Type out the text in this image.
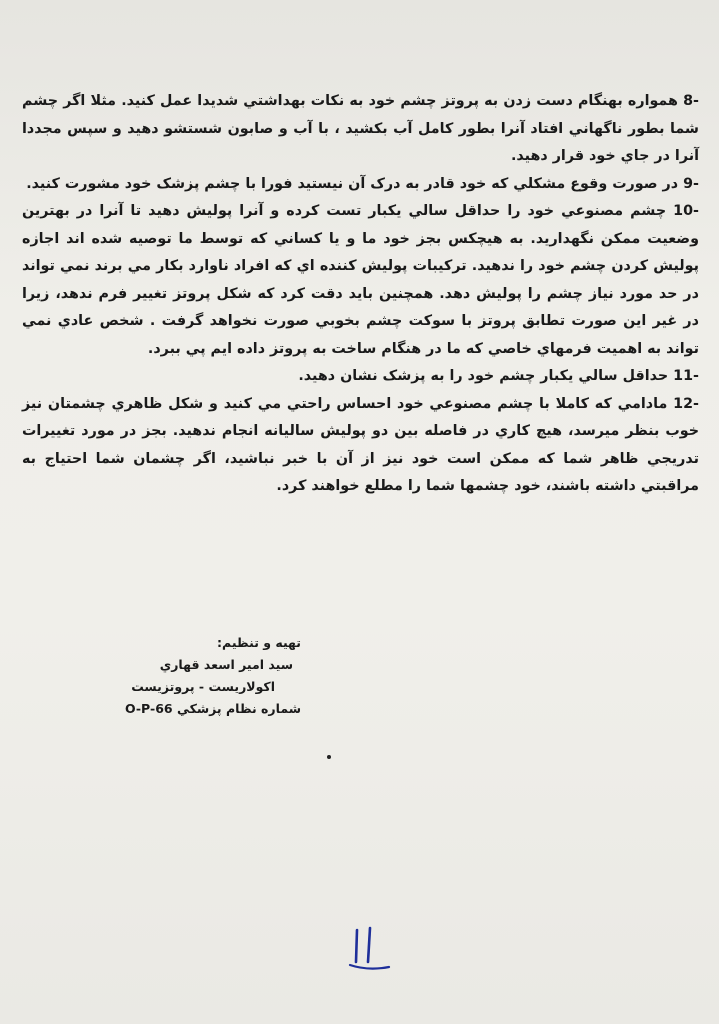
8- همواره بهنگام دست زدن به پروتز چشم خود به نکات بهداشتي شديدا عمل کنيد. مثلا اگر چشم شما بطور ناگهاني افتاد آنرا بطور کامل آب بکشيد ، با آب و صابون شستشو دهيد و سپس مجددا آنرا در جاي خود قرار دهيد.

9- در صورت وقوع مشکلي که خود قادر به درک آن نيستيد فورا با چشم پزشک خود مشورت کنيد.

10- چشم مصنوعي خود را حداقل سالي يکبار تست کرده و آنرا پوليش دهيد تا آنرا در بهترين وضعيت ممکن نگهداريد. به هيچکس بجز خود ما و يا کساني که توسط ما توصيه شده اند اجازه پوليش کردن چشم خود را ندهيد. ترکيبات پوليش کننده اي که افراد ناوارد بکار مي برند نمي تواند در حد مورد نياز چشم را پوليش دهد. همچنين بايد دقت کرد که شکل پروتز تغيير فرم ندهد، زيرا در غير اين صورت تطابق پروتز با سوکت چشم بخوبي صورت نخواهد گرفت . شخص عادي نمي تواند به اهميت فرمهاي خاصي که ما در هنگام ساخت به پروتز داده ايم پي ببرد.

11- حداقل سالي يکبار چشم خود را به پزشک نشان دهيد.

12- مادامي که کاملا با چشم مصنوعي خود احساس راحتي مي کنيد و شکل ظاهري چشمتان نيز خوب بنظر ميرسد، هيچ کاري در فاصله بين دو پوليش ساليانه انجام ندهيد. بجز در مورد تغييرات تدريجي ظاهر شما که ممکن است خود نيز از آن با خبر نباشيد، اگر چشمان شما احتياج به مراقبتي داشته باشند، خود چشمها شما را مطلع خواهند کرد.

تهيه و تنظيم:
سيد امير اسعد قهاري
اکولاريست - پروتزيست
شماره نظام پزشکي O-P-66
